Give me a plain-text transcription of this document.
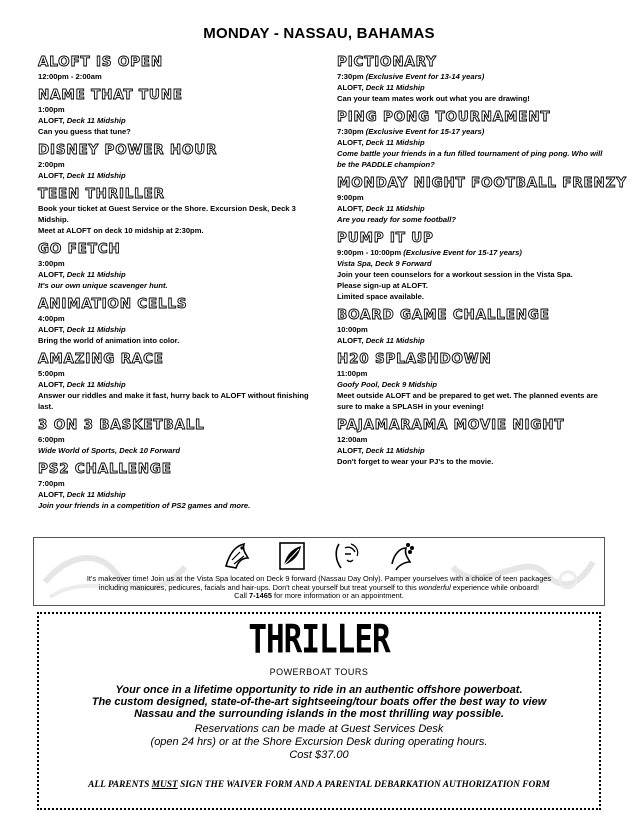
MONDAY - NASSAU, BAHAMAS
ALOFT IS OPEN
12:00pm - 2:00am
NAME THAT TUNE
1:00pm
ALOFT, Deck 11 Midship
Can you guess that tune?
DISNEY POWER HOUR
2:00pm
ALOFT, Deck 11 Midship
TEEN THRILLER
Book your ticket at Guest Service or the Shore. Excursion Desk, Deck 3 Midship.
Meet at ALOFT on deck 10 midship at 2:30pm.
GO FETCH
3:00pm
ALOFT, Deck 11 Midship
It's our own unique scavenger hunt.
ANIMATION CELLS
4:00pm
ALOFT, Deck 11 Midship
Bring the world of animation into color.
AMAZING RACE
5:00pm
ALOFT, Deck 11 Midship
Answer our riddles and make it fast, hurry back to ALOFT without finishing last.
3 ON 3 BASKETBALL
6:00pm
Wide World of Sports, Deck 10 Forward
PS2 CHALLENGE
7:00pm
ALOFT, Deck 11 Midship
Join your friends in a competition of PS2 games and more.
PICTIONARY
7:30pm (Exclusive Event for 13-14 years)
ALOFT, Deck 11 Midship
Can your team mates work out what you are drawing!
PING PONG TOURNAMENT
7:30pm (Exclusive Event for 15-17 years)
ALOFT, Deck 11 Midship
Come battle your friends in a fun filled tournament of ping pong. Who will be the PADDLE champion?
MONDAY NIGHT FOOTBALL FRENZY
9:00pm
ALOFT, Deck 11 Midship
Are you ready for some football?
PUMP IT UP
9:00pm - 10:00pm (Exclusive Event for 15-17 years)
Vista Spa, Deck 9 Forward
Join your teen counselors for a workout session in the Vista Spa.
Please sign-up at ALOFT.
Limited space available.
BOARD GAME CHALLENGE
10:00pm
ALOFT, Deck 11 Midship
H20 SPLASHDOWN
11:00pm
Goofy Pool, Deck 9 Midship
Meet outside ALOFT and be prepared to get wet. The planned events are sure to make a SPLASH in your evening!
PAJAMARAMA MOVIE NIGHT
12:00am
ALOFT, Deck 11 Midship
Don't forget to wear your PJ's to the movie.

It's makeover time! Join us at the Vista Spa located on Deck 9 forward (Nassau Day Only). Pamper yourselves with a choice of teen packages
including manicures, pedicures, facials and hair-ups. Don't cheat yourself but treat yourself to this wonderful experience while onboard!
Call 7-1465 for more information or an appointment.
THRILLER
POWERBOAT TOURS
Your once in a lifetime opportunity to ride in an authentic offshore powerboat.
The custom designed, state-of-the-art sightseeing/tour boats offer the best way to view
Nassau and the surrounding islands in the most thrilling way possible.
Reservations can be made at Guest Services Desk
(open 24 hrs) or at the Shore Excursion Desk during operating hours.
Cost $37.00
ALL PARENTS MUST SIGN THE WAIVER FORM AND A PARENTAL DEBARKATION AUTHORIZATION FORM
